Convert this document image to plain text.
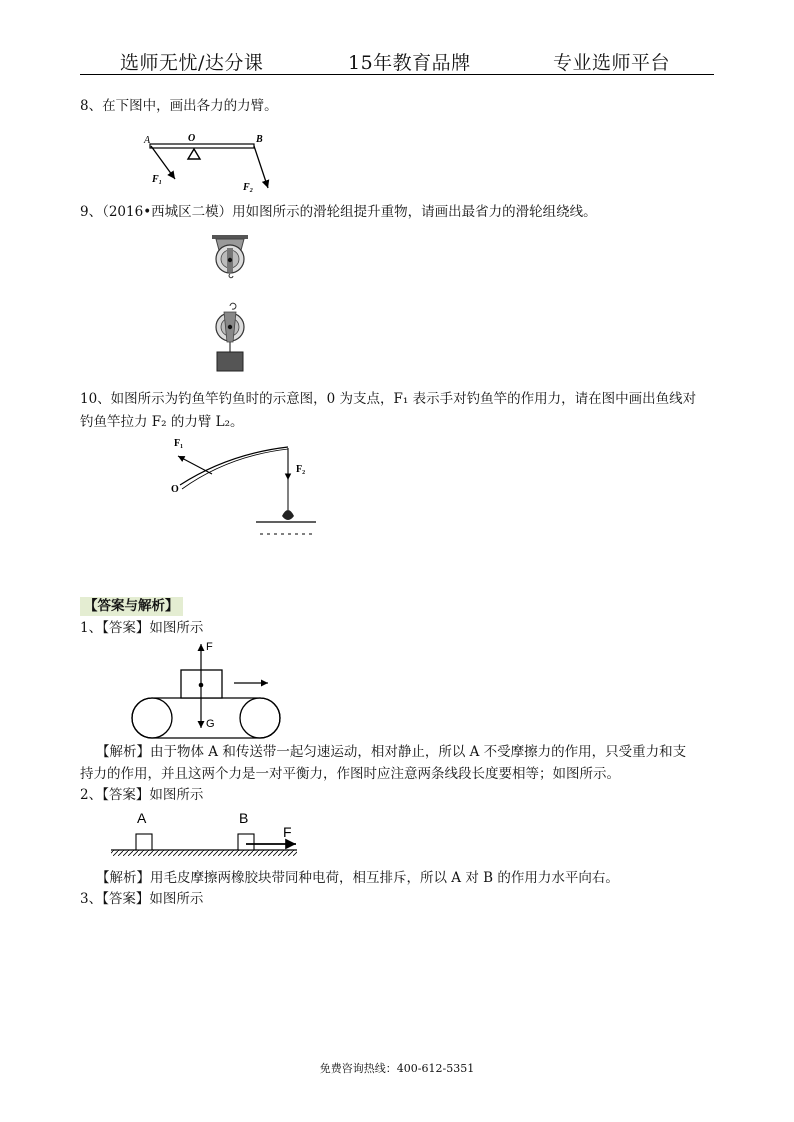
选师无忧/达分课	15年教育品牌	专业选师平台
8、在下图中，画出各力的力臂。
A	O	B
F₁
F₂
9、（2016•西城区二模）用如图所示的滑轮组提升重物，请画出最省力的滑轮组绕线。
10、如图所示为钓鱼竿钓鱼时的示意图，0 为支点，F₁ 表示手对钓鱼竿的作用力，请在图中画出鱼线对
钓鱼竿拉力 F₂ 的力臂 L₂。
F₁
F₂
O
【答案与解析】
1、【答案】如图所示
F
G
【解析】由于物体 A 和传送带一起匀速运动，相对静止，所以 A 不受摩擦力的作用，只受重力和支
持力的作用，并且这两个力是一对平衡力，作图时应注意两条线段长度要相等；如图所示。
2、【答案】如图所示
A	B
F
【解析】用毛皮摩擦两橡胶块带同种电荷，相互排斥，所以 A 对 B 的作用力水平向右。
3、【答案】如图所示
免费咨询热线：400-612-5351
